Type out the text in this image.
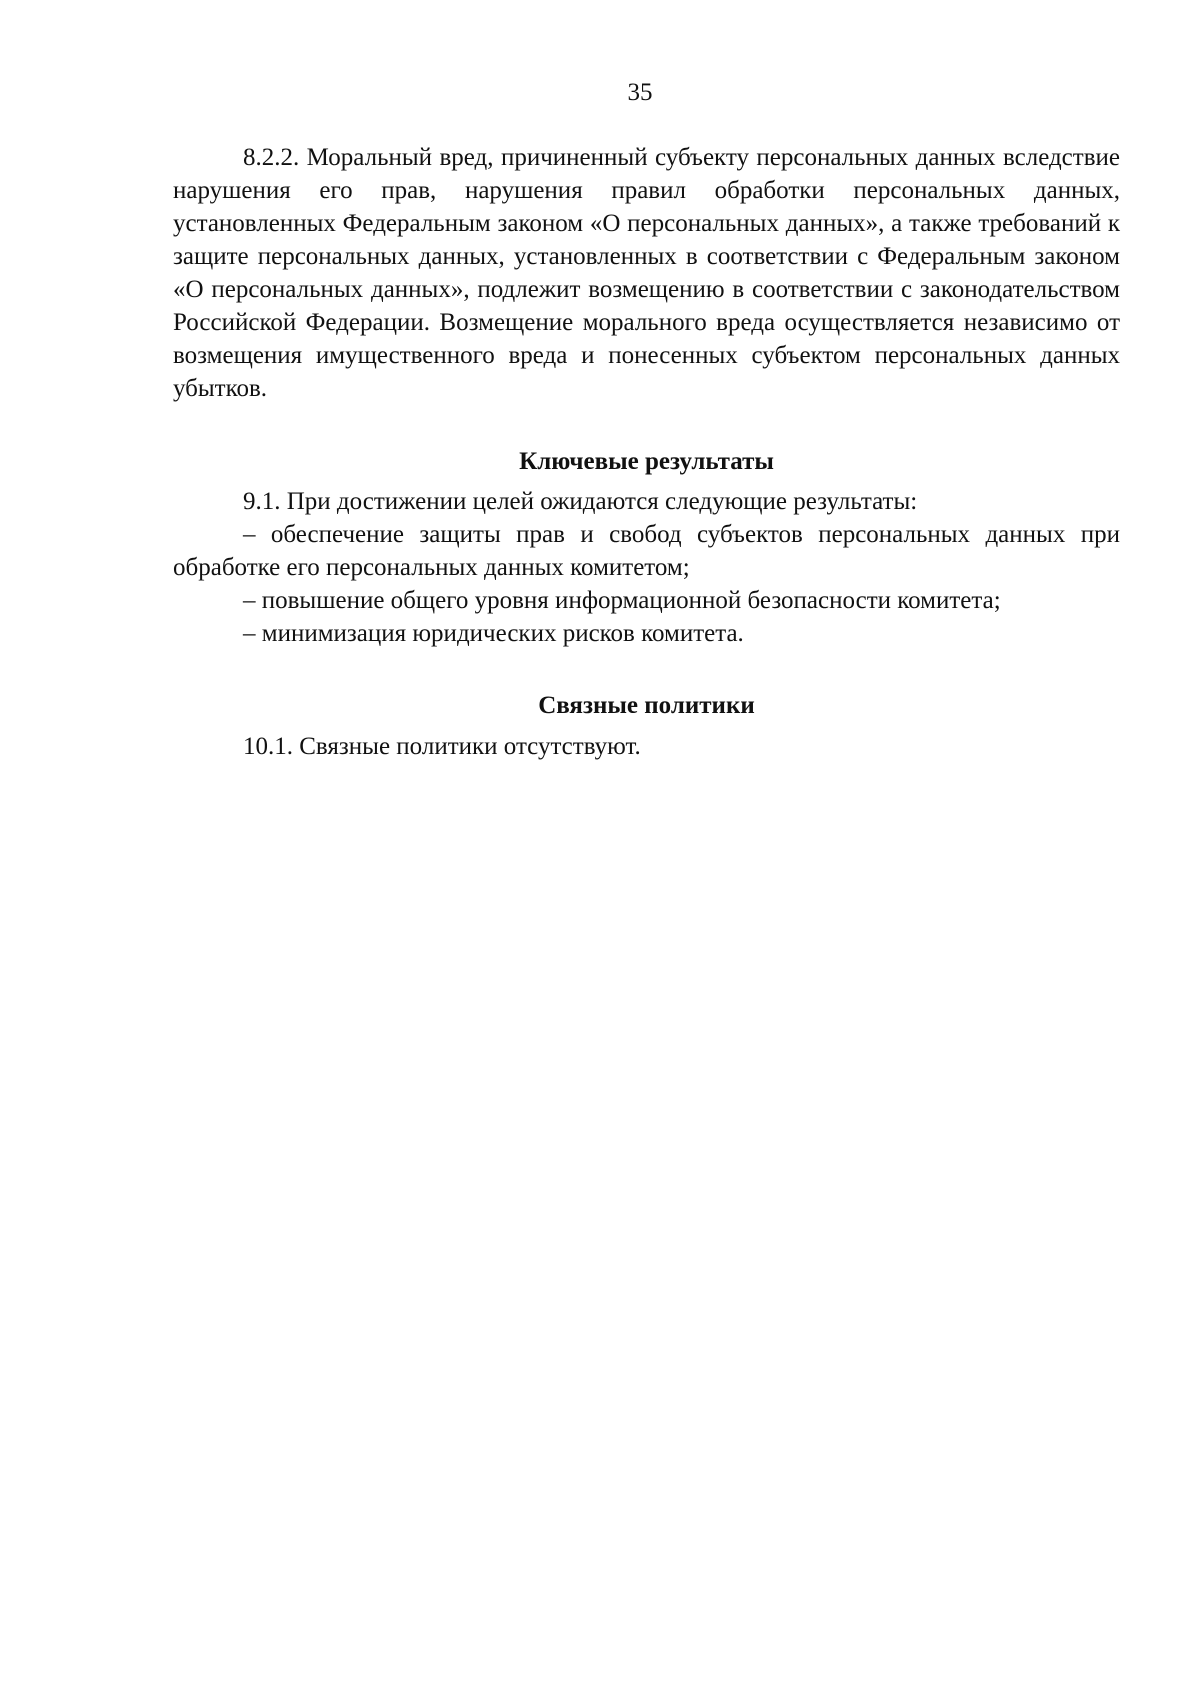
35

8.2.2. Моральный вред, причиненный субъекту персональных данных вследствие нарушения его прав, нарушения правил обработки персональных данных, установленных Федеральным законом «О персональных данных», а также требований к защите персональных данных, установленных в соответствии с Федеральным законом «О персональных данных», подлежит возмещению в соответствии с законодательством Российской Федерации. Возмещение морального вреда осуществляется независимо от возмещения имущественного вреда и понесенных субъектом персональных данных убытков.

Ключевые результаты

9.1. При достижении целей ожидаются следующие результаты:

– обеспечение защиты прав и свобод субъектов персональных данных при обработке его персональных данных комитетом;

– повышение общего уровня информационной безопасности комитета;

– минимизация юридических рисков комитета.

Связные политики

10.1. Связные политики отсутствуют.
